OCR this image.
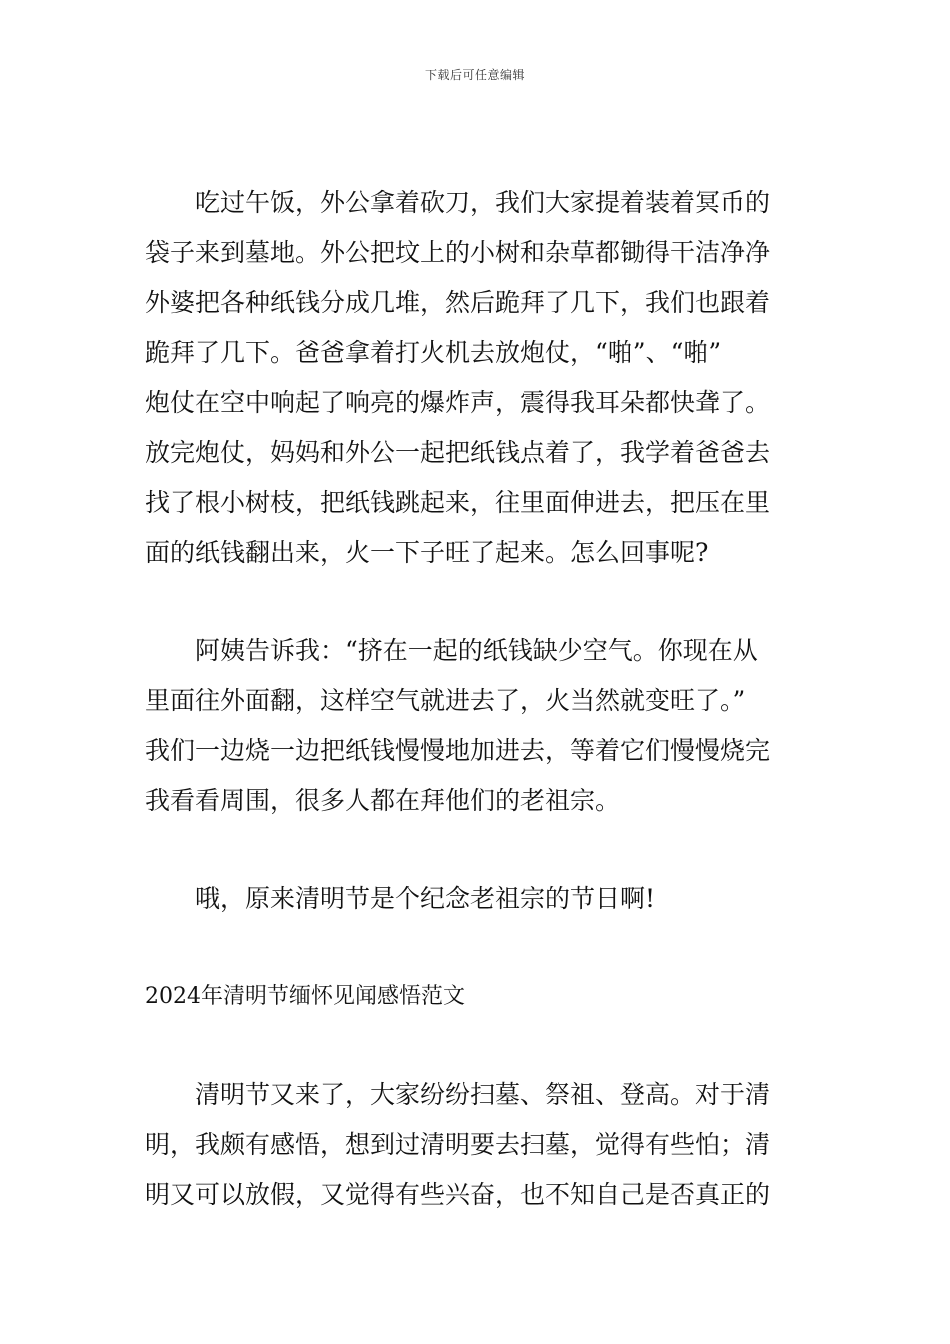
下载后可任意编辑
吃过午饭，外公拿着砍刀，我们大家提着装着冥币的
袋子来到墓地。外公把坟上的小树和杂草都锄得干洁净净
外婆把各种纸钱分成几堆，然后跪拜了几下，我们也跟着
跪拜了几下。爸爸拿着打火机去放炮仗，“啪”、“啪”
炮仗在空中响起了响亮的爆炸声，震得我耳朵都快聋了。
放完炮仗，妈妈和外公一起把纸钱点着了，我学着爸爸去
找了根小树枝，把纸钱跳起来，往里面伸进去，把压在里
面的纸钱翻出来，火一下子旺了起来。怎么回事呢?
阿姨告诉我：“挤在一起的纸钱缺少空气。你现在从
里面往外面翻，这样空气就进去了，火当然就变旺了。”
我们一边烧一边把纸钱慢慢地加进去，等着它们慢慢烧完
我看看周围，很多人都在拜他们的老祖宗。
哦，原来清明节是个纪念老祖宗的节日啊!
2024年清明节缅怀见闻感悟范文
清明节又来了，大家纷纷扫墓、祭祖、登高。对于清
明，我颇有感悟，想到过清明要去扫墓，觉得有些怕；清
明又可以放假，又觉得有些兴奋，也不知自己是否真正的
